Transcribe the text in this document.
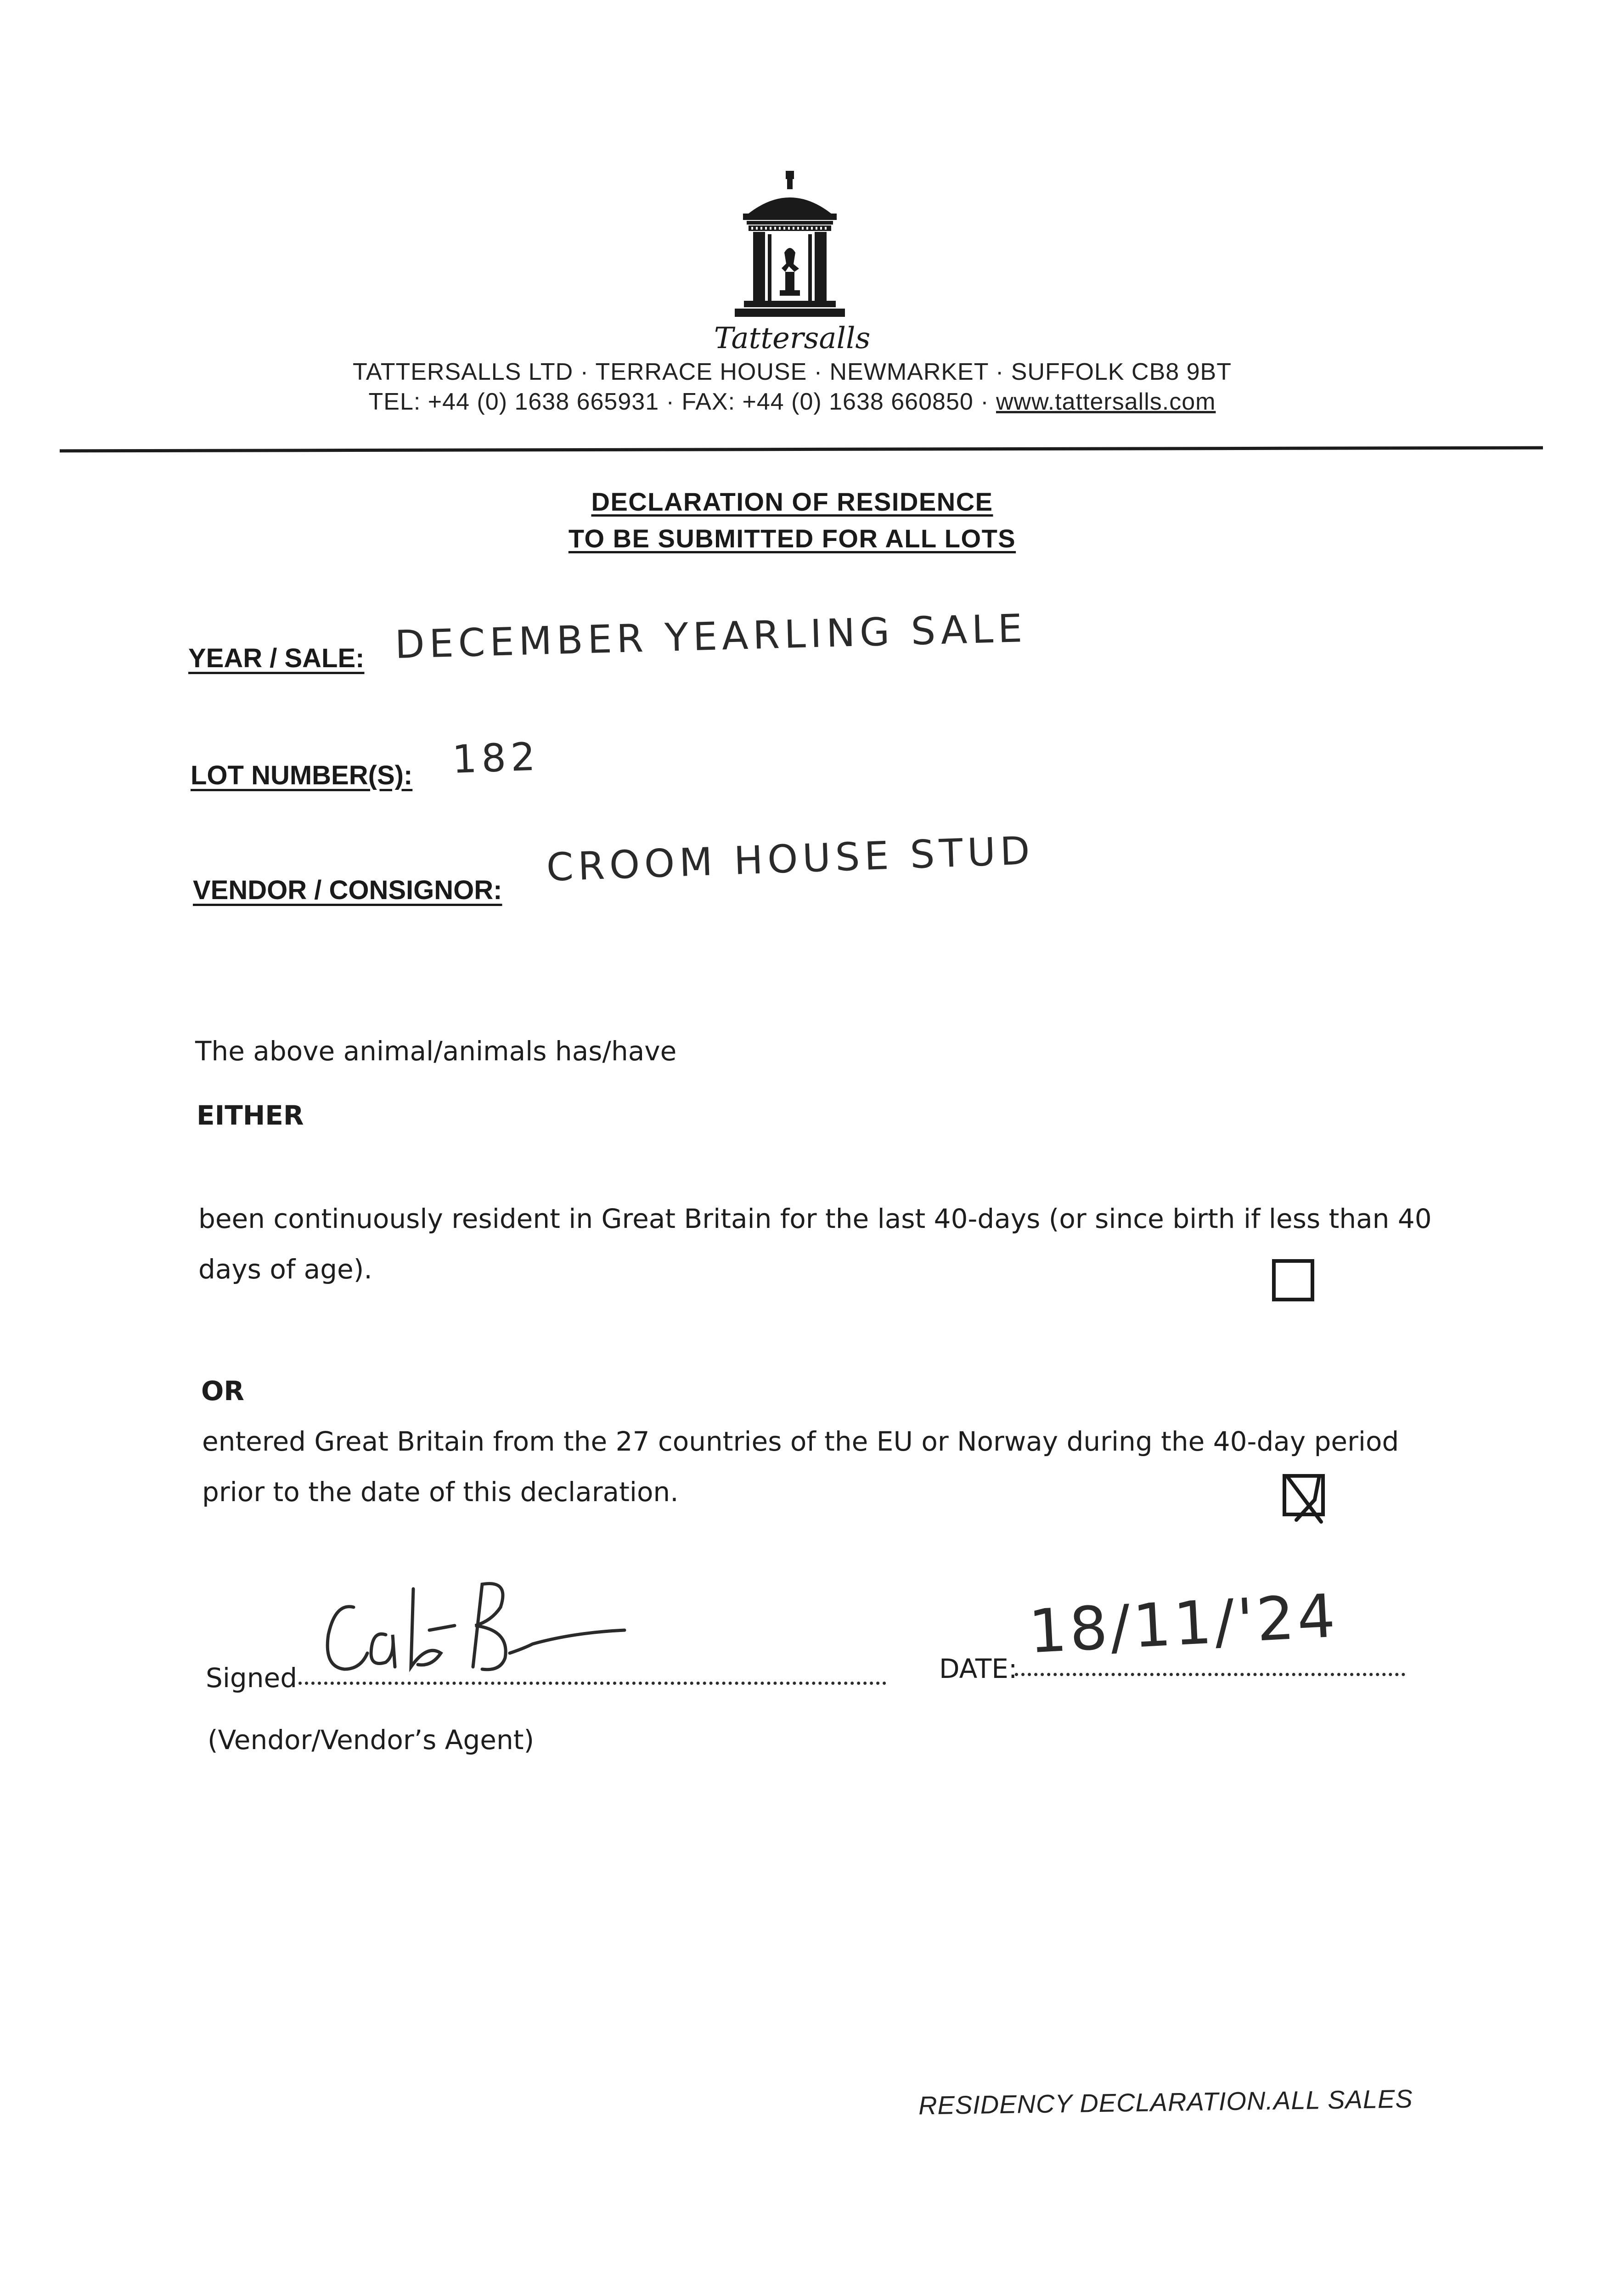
Tattersalls
TATTERSALLS LTD · TERRACE HOUSE · NEWMARKET · SUFFOLK CB8 9BT
TEL: +44 (0) 1638 665931 · FAX: +44 (0) 1638 660850 · www.tattersalls.com
DECLARATION OF RESIDENCE
TO BE SUBMITTED FOR ALL LOTS
YEAR / SALE: DECEMBER YEARLING SALE
LOT NUMBER(S): 182
VENDOR / CONSIGNOR:
CROOM HOUSE STUD
The above animal/animals has/have
EITHER
been continuously resident in Great Britain for the last 40-days (or since birth if less than 40
days of age).
OR
entered Great Britain from the 27 countries of the EU or Norway during the 40-day period
prior to the date of this declaration.
Signed	DATE:
18/11/'24
(Vendor/Vendor’s Agent)
RESIDENCY DECLARATION.ALL SALES
